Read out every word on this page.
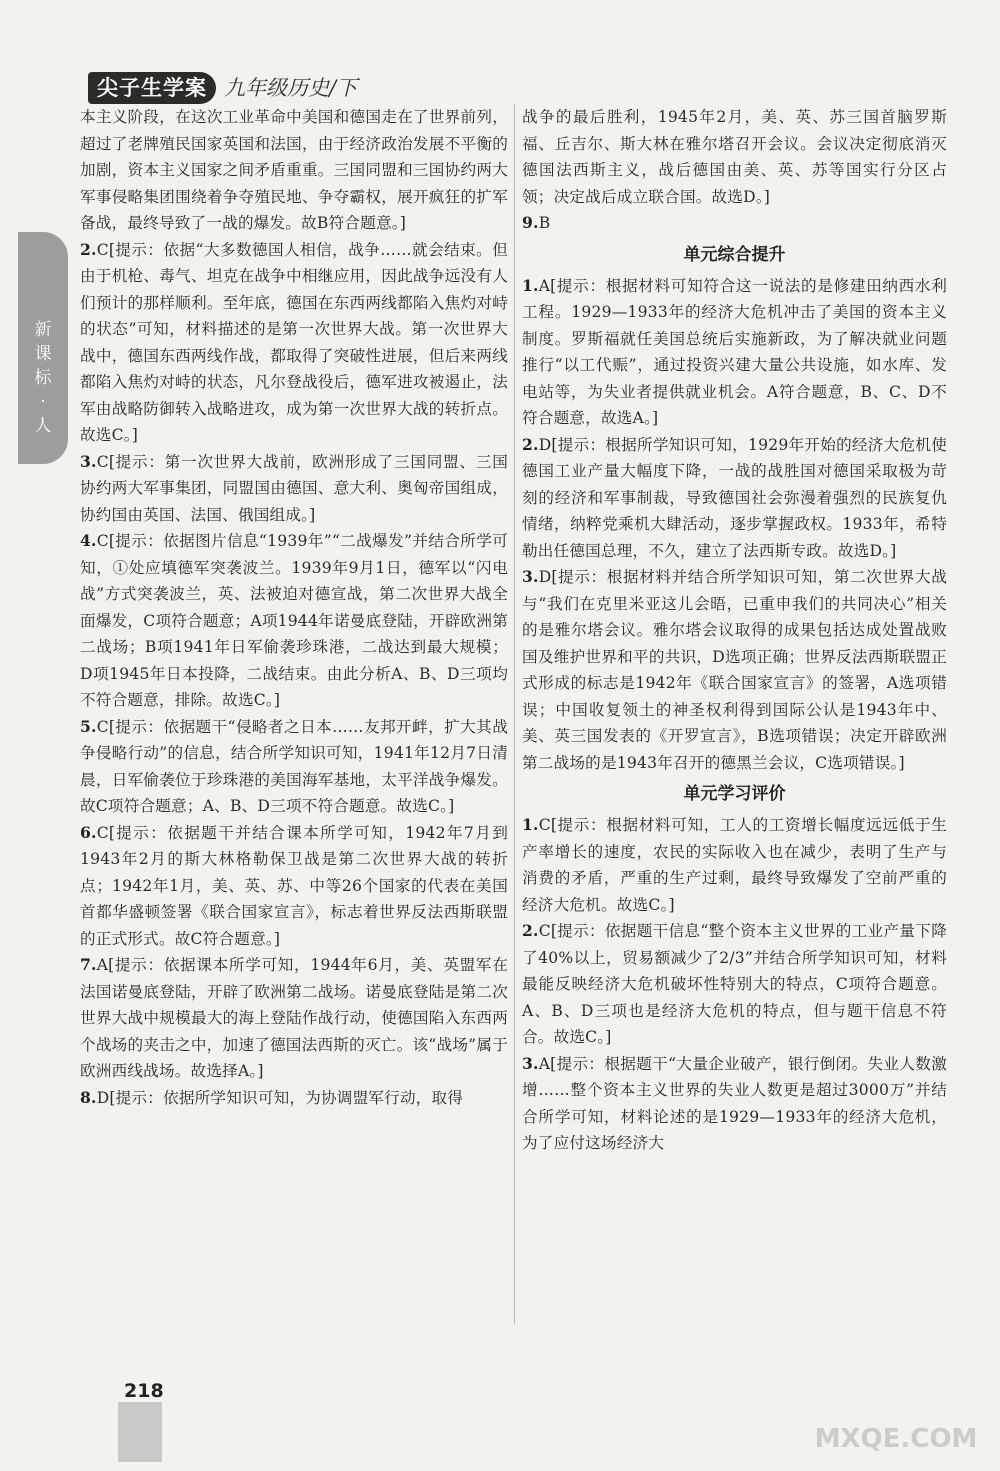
尖子生学案 九年级历史/下
新
课
标
·
人

本主义阶段，在这次工业革命中美国和德国走在了世界前列，超过了老牌殖民国家英国和法国，由于经济政治发展不平衡的加剧，资本主义国家之间矛盾重重。三国同盟和三国协约两大军事侵略集团围绕着争夺殖民地、争夺霸权，展开疯狂的扩军备战，最终导致了一战的爆发。故B符合题意。]

2.C[提示：依据“大多数德国人相信，战争……就会结束。但由于机枪、毒气、坦克在战争中相继应用，因此战争远没有人们预计的那样顺利。至年底，德国在东西两线都陷入焦灼对峙的状态”可知，材料描述的是第一次世界大战。第一次世界大战中，德国东西两线作战，都取得了突破性进展，但后来两线都陷入焦灼对峙的状态，凡尔登战役后，德军进攻被遏止，法军由战略防御转入战略进攻，成为第一次世界大战的转折点。故选C。]

3.C[提示：第一次世界大战前，欧洲形成了三国同盟、三国协约两大军事集团，同盟国由德国、意大利、奥匈帝国组成，协约国由英国、法国、俄国组成。]

4.C[提示：依据图片信息“1939年”“二战爆发”并结合所学可知，①处应填德军突袭波兰。1939年9月1日，德军以“闪电战”方式突袭波兰，英、法被迫对德宣战，第二次世界大战全面爆发，C项符合题意；A项1944年诺曼底登陆，开辟欧洲第二战场；B项1941年日军偷袭珍珠港，二战达到最大规模；D项1945年日本投降，二战结束。由此分析A、B、D三项均不符合题意，排除。故选C。]

5.C[提示：依据题干“侵略者之日本……友邦开衅，扩大其战争侵略行动”的信息，结合所学知识可知，1941年12月7日清晨，日军偷袭位于珍珠港的美国海军基地，太平洋战争爆发。故C项符合题意；A、B、D三项不符合题意。故选C。]

6.C[提示：依据题干并结合课本所学可知，1942年7月到1943年2月的斯大林格勒保卫战是第二次世界大战的转折点；1942年1月，美、英、苏、中等26个国家的代表在美国首都华盛顿签署《联合国家宣言》，标志着世界反法西斯联盟的正式形式。故C符合题意。]

7.A[提示：依据课本所学可知，1944年6月，美、英盟军在法国诺曼底登陆，开辟了欧洲第二战场。诺曼底登陆是第二次世界大战中规模最大的海上登陆作战行动，使德国陷入东西两个战场的夹击之中，加速了德国法西斯的灭亡。该“战场”属于欧洲西线战场。故选择A。]

8.D[提示：依据所学知识可知，为协调盟军行动，取得

战争的最后胜利，1945年2月，美、英、苏三国首脑罗斯福、丘吉尔、斯大林在雅尔塔召开会议。会议决定彻底消灭德国法西斯主义，战后德国由美、英、苏等国实行分区占领；决定战后成立联合国。故选D。]

9.B

单元综合提升

1.A[提示：根据材料可知符合这一说法的是修建田纳西水利工程。1929—1933年的经济大危机冲击了美国的资本主义制度。罗斯福就任美国总统后实施新政，为了解决就业问题推行“以工代赈”，通过投资兴建大量公共设施，如水库、发电站等，为失业者提供就业机会。A符合题意，B、C、D不符合题意，故选A。]

2.D[提示：根据所学知识可知，1929年开始的经济大危机使德国工业产量大幅度下降，一战的战胜国对德国采取极为苛刻的经济和军事制裁，导致德国社会弥漫着强烈的民族复仇情绪，纳粹党乘机大肆活动，逐步掌握政权。1933年，希特勒出任德国总理，不久，建立了法西斯专政。故选D。]

3.D[提示：根据材料并结合所学知识可知，第二次世界大战与“我们在克里米亚这儿会晤，已重申我们的共同决心”相关的是雅尔塔会议。雅尔塔会议取得的成果包括达成处置战败国及维护世界和平的共识，D选项正确；世界反法西斯联盟正式形成的标志是1942年《联合国家宣言》的签署，A选项错误；中国收复领土的神圣权利得到国际公认是1943年中、美、英三国发表的《开罗宣言》，B选项错误；决定开辟欧洲第二战场的是1943年召开的德黑兰会议，C选项错误。]

单元学习评价

1.C[提示：根据材料可知，工人的工资增长幅度远远低于生产率增长的速度，农民的实际收入也在减少，表明了生产与消费的矛盾，严重的生产过剩，最终导致爆发了空前严重的经济大危机。故选C。]

2.C[提示：依据题干信息“整个资本主义世界的工业产量下降了40%以上，贸易额减少了2/3”并结合所学知识可知，材料最能反映经济大危机破坏性特别大的特点，C项符合题意。A、B、D三项也是经济大危机的特点，但与题干信息不符合。故选C。]

3.A[提示：根据题干“大量企业破产，银行倒闭。失业人数激增……整个资本主义世界的失业人数更是超过3000万”并结合所学可知，材料论述的是1929—1933年的经济大危机，为了应付这场经济大

218
MXQE.COM
